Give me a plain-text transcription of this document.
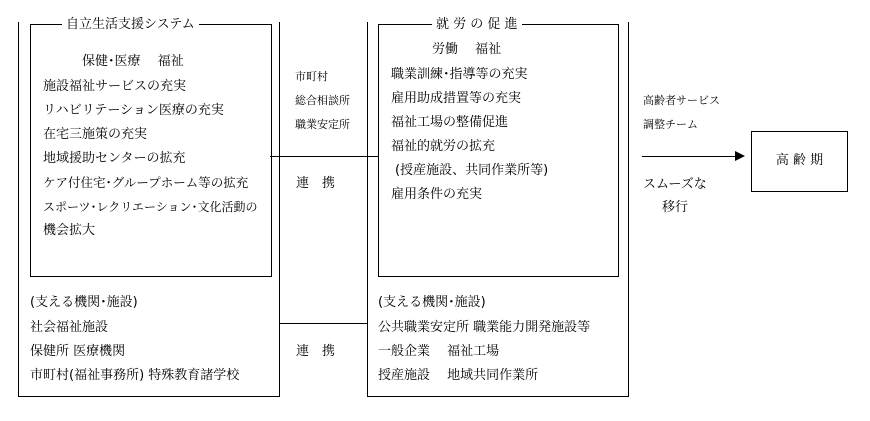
自立生活支援システム
保健･医療　 福祉
施設福祉サービスの充実
リハビリテーション医療の充実
在宅三施策の充実
地域援助センターの拡充
ケア付住宅･グループホーム等の拡充
スポーツ･レクリエーション･文化活動の
機会拡大
(支える機関･施設)
社会福祉施設
保健所 医療機関
市町村(福祉事務所) 特殊教育諸学校
市町村
総合相談所
職業安定所
連　携
連　携
就 労 の 促 進
労働　 福祉
職業訓練･指導等の充実
雇用助成措置等の充実
福祉工場の整備促進
福祉的就労の拡充
(授産施設、共同作業所等)
雇用条件の充実
(支える機関･施設)
公共職業安定所 職業能力開発施設等
一般企業　 福祉工場
授産施設　 地域共同作業所
高齢者サービス
調整チーム
スムーズな
移行
高 齢 期
